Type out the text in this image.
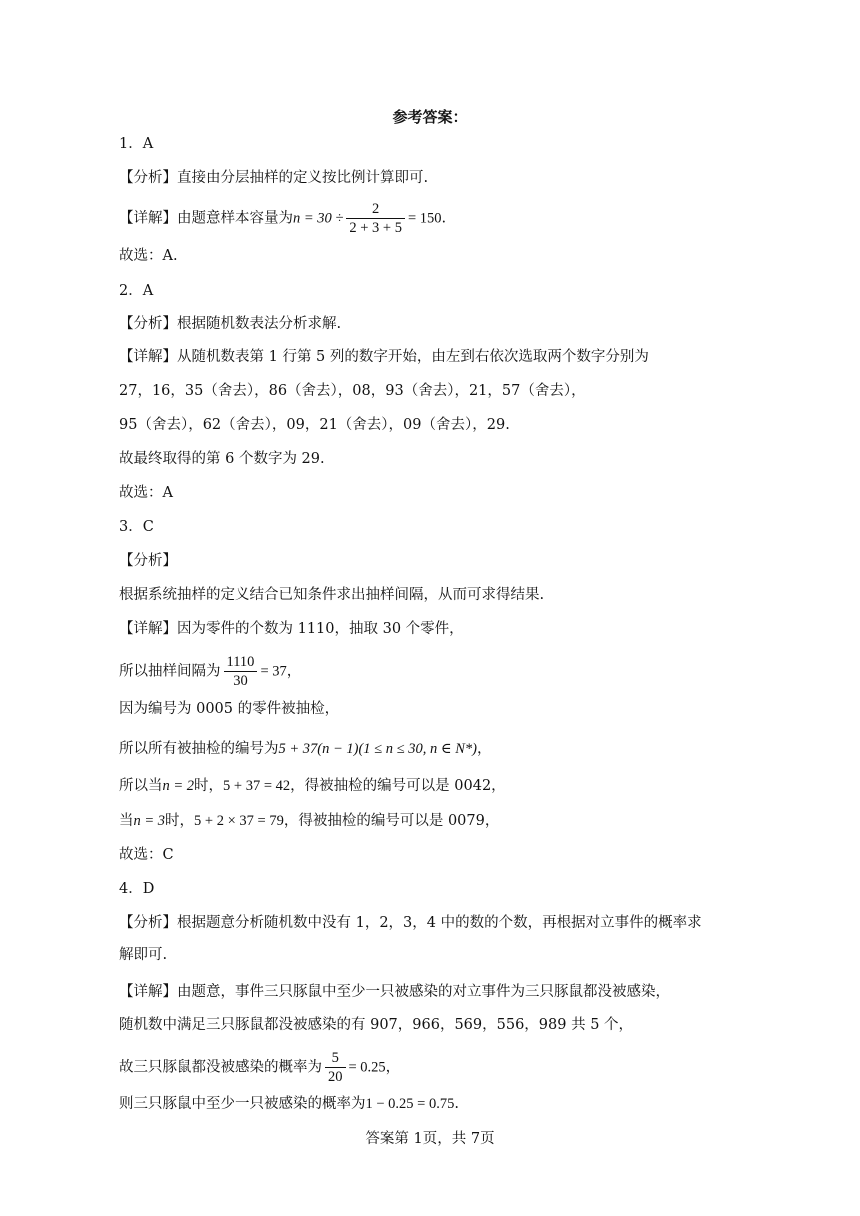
参考答案：
1．A
【分析】直接由分层抽样的定义按比例计算即可.
【详解】由题意样本容量为$n = 30 \div \frac{2}{2 + 3 + 5} = 150$.
故选：A.
2．A
【分析】根据随机数表法分析求解.
【详解】从随机数表第 1 行第 5 列的数字开始，由左到右依次选取两个数字分别为
27，16，35（舍去），86（舍去），08，93（舍去），21，57（舍去），
95（舍去），62（舍去），09，21（舍去），09（舍去），29.
故最终取得的第 6 个数字为 29.
故选：A
3．C
【分析】
根据系统抽样的定义结合已知条件求出抽样间隔，从而可求得结果.
【详解】因为零件的个数为 1110，抽取 30 个零件，
所以抽样间隔为 $\frac{1110}{30} = 37$，
因为编号为 0005 的零件被抽检，
所以所有被抽检的编号为5 + 37(n − 1)(1 ≤ n ≤ 30, n ∈ N*)，
所以当n = 2时，5 + 37 = 42，得被抽检的编号可以是 0042，
当n = 3时，5 + 2 × 37 = 79，得被抽检的编号可以是 0079，
故选：C
4．D
【分析】根据题意分析随机数中没有 1，2，3，4 中的数的个数，再根据对立事件的概率求
解即可.
【详解】由题意，事件三只豚鼠中至少一只被感染的对立事件为三只豚鼠都没被感染，
随机数中满足三只豚鼠都没被感染的有 907，966，569，556，989 共 5 个，
故三只豚鼠都没被感染的概率为 $\frac{5}{20} = 0.25$，
则三只豚鼠中至少一只被感染的概率为1 − 0.25 = 0.75.
答案第 1页，共 7页
